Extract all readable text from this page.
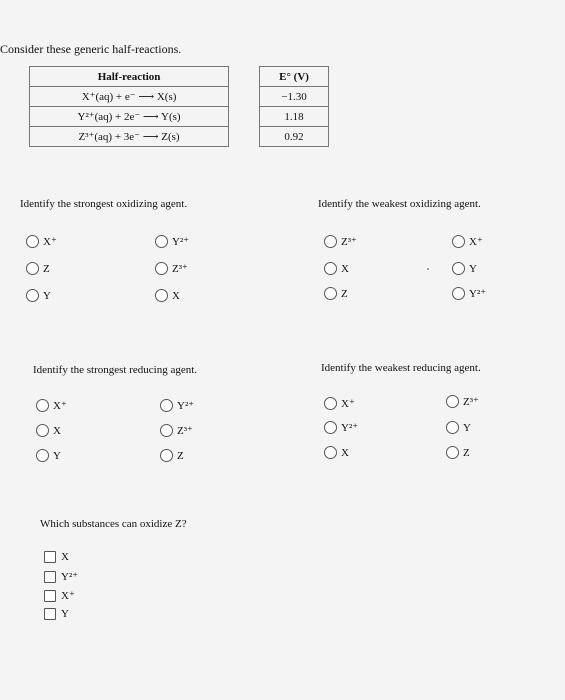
Consider these generic half-reactions.
Half-reaction		E° (V)
X⁺(aq) + e⁻ ⟶ X(s)		−1.30
Y²⁺(aq) + 2e⁻ ⟶ Y(s)		1.18
Z³⁺(aq) + 3e⁻ ⟶ Z(s)		0.92
Identify the strongest oxidizing agent.
X⁺	Y²⁺
Z	Z³⁺
Y	X
Identify the weakest oxidizing agent.
Z³⁺	X⁺
X	Y
Z	Y²⁺
Identify the strongest reducing agent.
X⁺	Y²⁺
X	Z³⁺
Y	Z
Identify the weakest reducing agent.
X⁺	Z³⁺
Y²⁺	Y
X	Z
Which substances can oxidize Z?
X
Y²⁺
X⁺
Y
